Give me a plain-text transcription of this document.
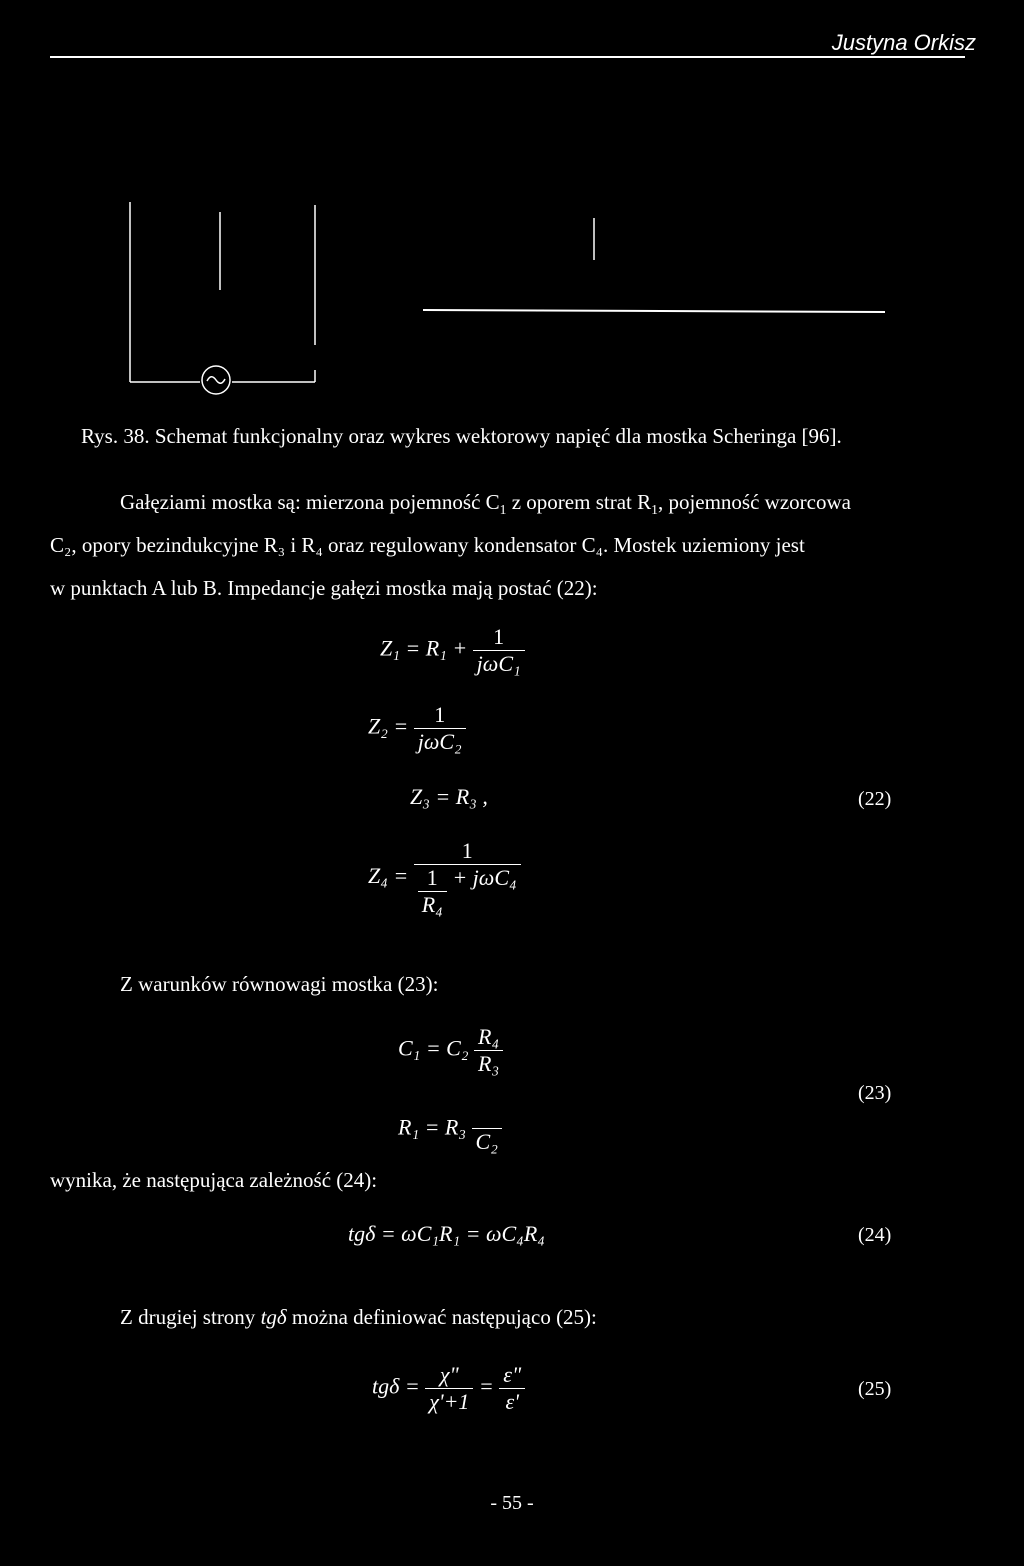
Justyna Orkisz
Rys. 38. Schemat funkcjonalny oraz wykres wektorowy napięć dla mostka Scheringa [96].
Gałęziami mostka są: mierzona pojemność $C_1$ z oporem strat $R_1$, pojemność wzorcowa
C₂, opory bezindukcyjne R₃ i R₄ oraz regulowany kondensator C₄. Mostek uziemiony jest
w punktach A lub B. Impedancje gałęzi mostka mają postać (22):
$Z_1 = R_1 + \frac{1}{\text{jωC₁}}$
$Z_2 = \frac{1}{\text{jωC₂}}$
Z₃ = R₃ ,
$Z_4 = \frac{1}{\frac{1}{\text{R₄}} + j\omega C_4}$
(22)
Z warunków równowagi mostka (23):
$C_1 = C_2 \frac{\text{R₄}}{\text{R₃}}$
R₁ = R₃
C₂
(23)
wynika, że następująca zależność (24):
tgδ = ωC₁R₁ = ωC₄R₄	(24)
Z drugiej strony tgδ można definiować następująco (25):
$tg\delta = \frac{\chi"}{\chi'+1} = \frac{\varepsilon"}{\varepsilon'}$	(25)
- 55 -
